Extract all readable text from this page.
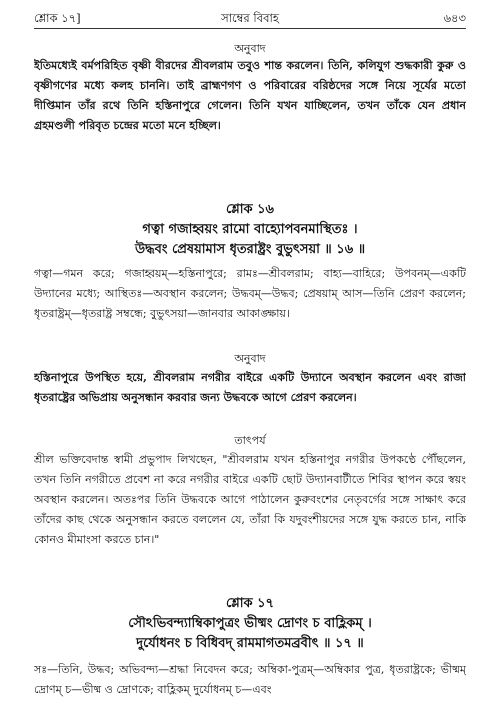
শ্লোক ১৭]	সাম্বের বিবাহ	৬৪৩
অনুবাদ
ইতিমধ্যেই বর্মপরিহিত বৃষ্ণী বীরদের শ্রীবলরাম তবুও শান্ত করলেন। তিনি, কলিযুগ শুদ্ধকারী কুরু ও বৃষ্ণীগণের মধ্যে কলহ চাননি। তাই ব্রাহ্মণগণ ও পরিবারের বরিষ্ঠদের সঙ্গে নিয়ে সূর্যের মতো দীপ্তিমান তাঁর রথে তিনি হস্তিনাপুরে গেলেন। তিনি যখন যাচ্ছিলেন, তখন তাঁকে যেন প্রধান গ্রহমণ্ডলী পরিবৃত চন্দ্রের মতো মনে হচ্ছিল।
শ্লোক ১৬
গত্বা গজাহ্বয়ং রামো বাহ্যোপবনমাস্থিতঃ ।
উদ্ধবং প্রেষয়ামাস ধৃতরাষ্ট্রং বুভুৎসয়া ॥ ১৬ ॥
গত্বা—গমন করে; গজাহ্বয়ম্—হস্তিনাপুরে; রামঃ—শ্রীবলরাম; বাহ্য—বাহিরে; উপবনম্—একটি উদ্যানের মধ্যে; আস্থিতঃ—অবস্থান করলেন; উদ্ধবম্—উদ্ধব; প্রেষয়াম্ আস—তিনি প্রেরণ করলেন; ধৃতরাষ্ট্রম্—ধৃতরাষ্ট্র সম্বন্ধে; বুভুৎসয়া—জানবার আকাঙ্ক্ষায়।
অনুবাদ
হস্তিনাপুরে উপস্থিত হয়ে, শ্রীবলরাম নগরীর বাইরে একটি উদ্যানে অবস্থান করলেন এবং রাজা ধৃতরাষ্ট্রের অভিপ্রায় অনুসন্ধান করবার জন্য উদ্ধবকে আগে প্রেরণ করলেন।
তাৎপর্য
শ্রীল ভক্তিবেদান্ত স্বামী প্রভুপাদ লিখছেন, "শ্রীবলরাম যখন হস্তিনাপুর নগরীর উপকণ্ঠে পৌঁছলেন, তখন তিনি নগরীতে প্রবেশ না করে নগরীর বাইরে একটি ছোট উদ্যানবাটীতে শিবির স্থাপন করে স্বয়ং অবস্থান করলেন। অতঃপর তিনি উদ্ধবকে আগে পাঠালেন কুরুবংশের নেতৃবর্গের সঙ্গে সাক্ষাৎ করে তাঁদের কাছ থেকে অনুসন্ধান করতে বললেন যে, তাঁরা কি যদুবংশীয়দের সঙ্গে যুদ্ধ করতে চান, নাকি কোনও মীমাংসা করতে চান।"
শ্লোক ১৭
সৌঽভিবন্দ্যাম্বিকাপুত্রং ভীষ্মং দ্রোণং চ বাহ্লিকম্ ।
দুর্যোধনং চ বিধিবদ্ রামমাগতমব্রবীৎ ॥ ১৭ ॥
সঃ—তিনি, উদ্ধব; অভিবন্দ্য—শ্রদ্ধা নিবেদন করে; অম্বিকা-পুত্রম্—অম্বিকার পুত্র, ধৃতরাষ্ট্রকে; ভীষ্মম্ দ্রোণম্ চ—ভীষ্ম ও দ্রোণকে; বাহ্লিকম্ দুর্যোধনম্ চ—এবং
